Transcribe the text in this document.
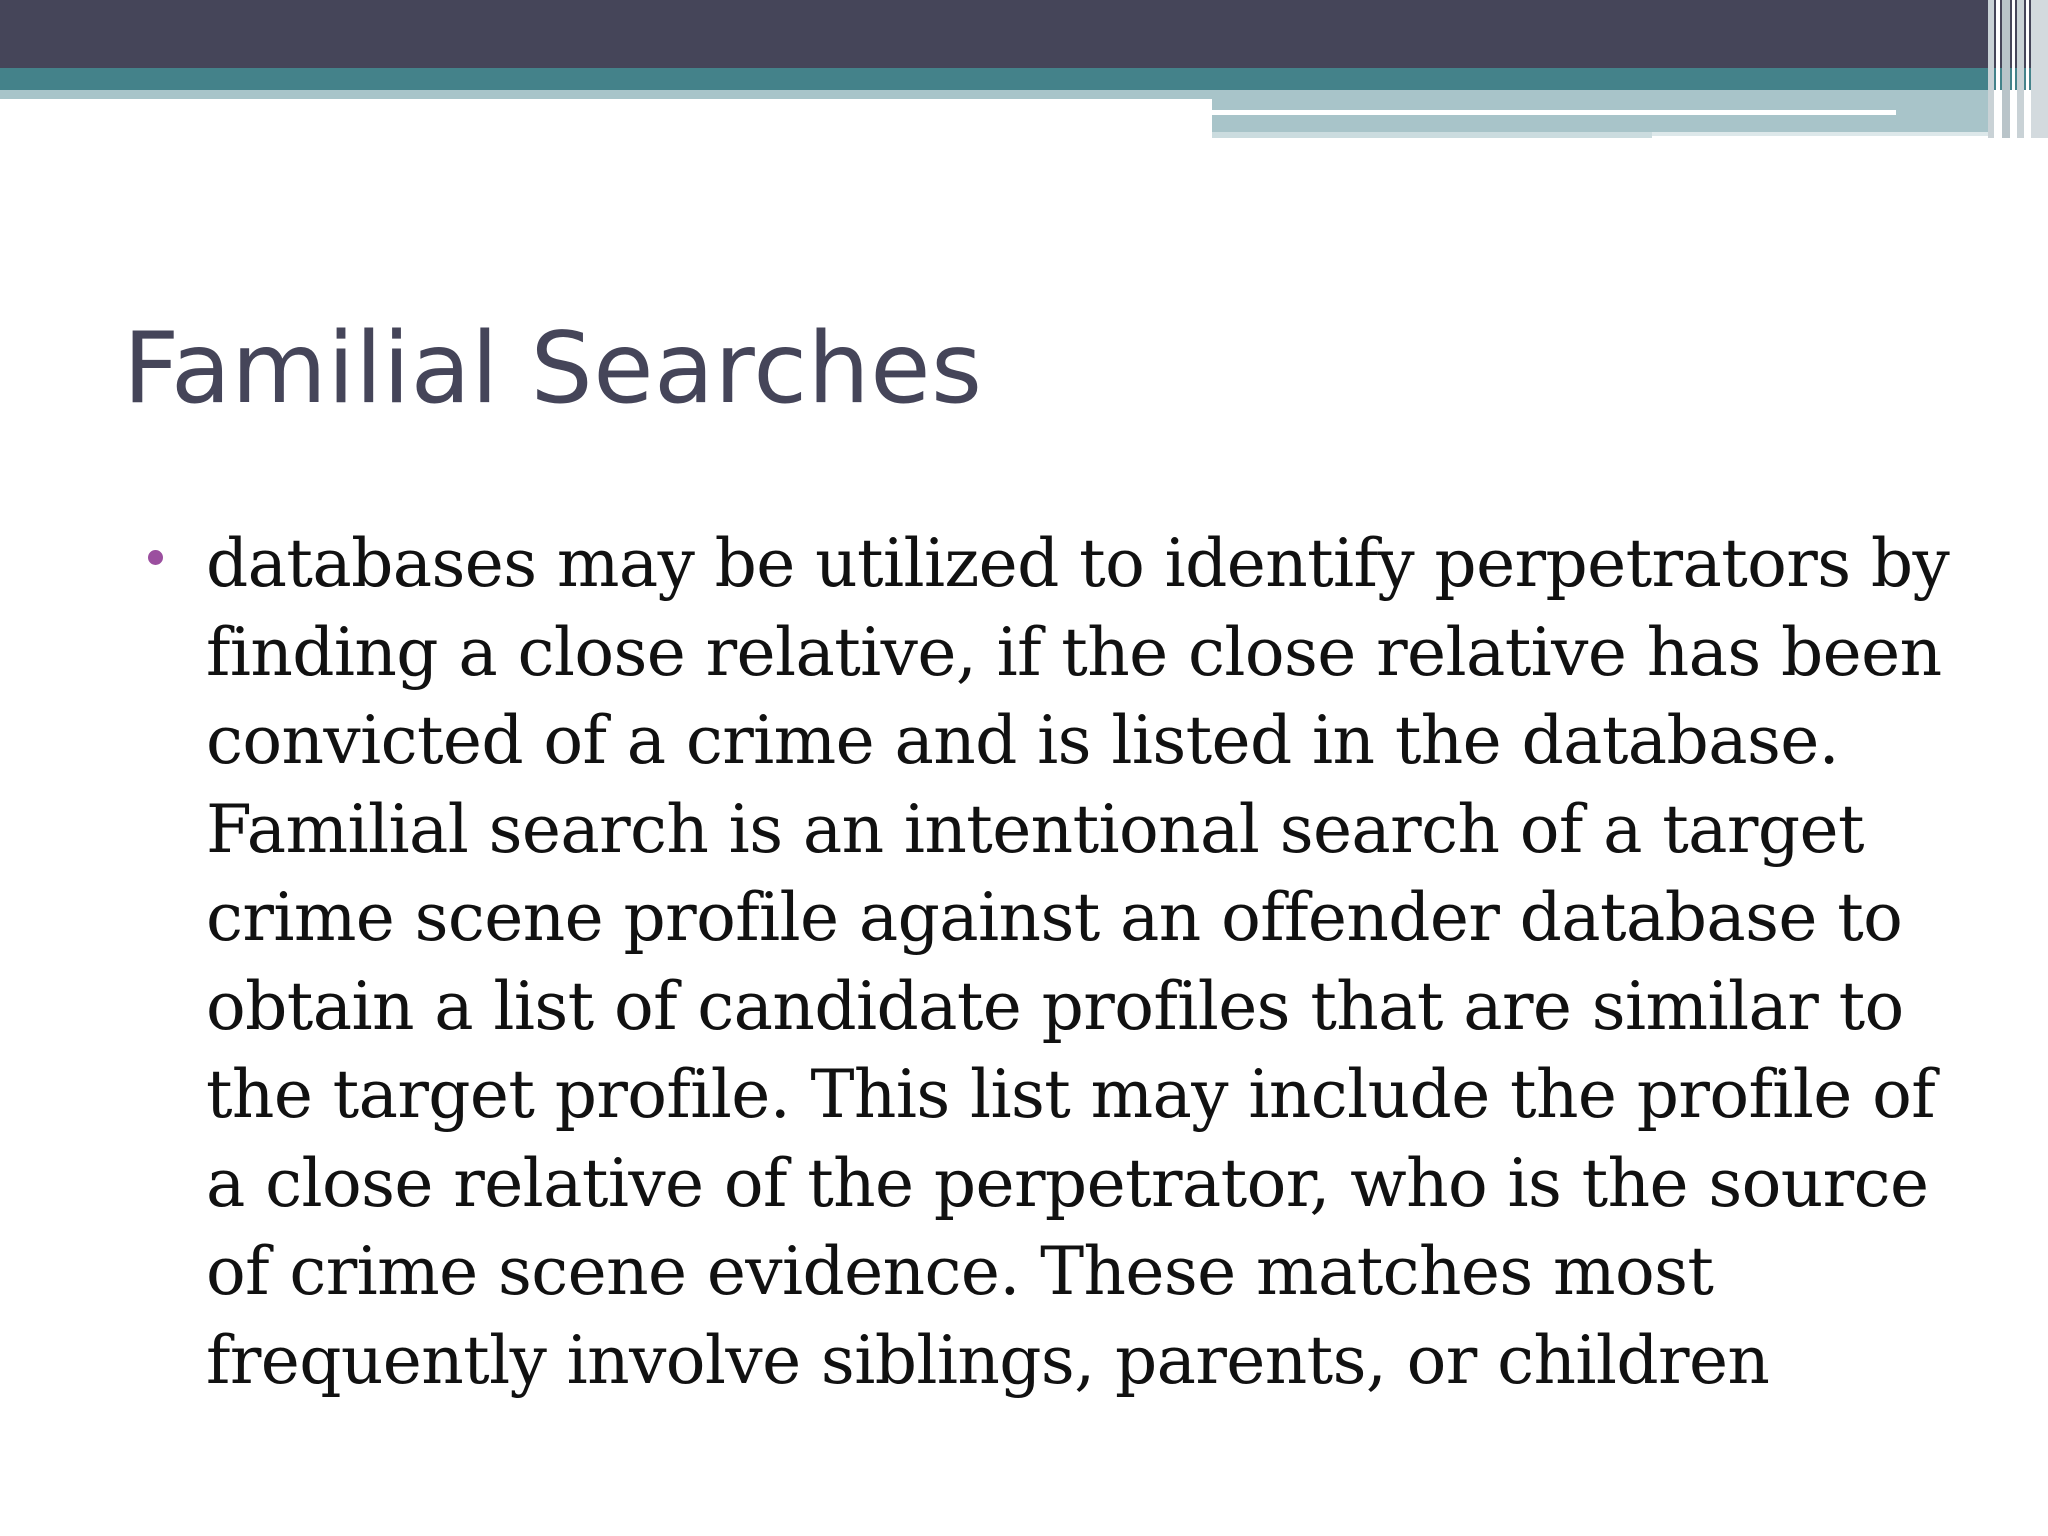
Familial Searches
databases may be utilized to identify perpetrators by
finding a close relative, if the close relative has been
convicted of a crime and is listed in the database.
Familial search is an intentional search of a target
crime scene profile against an offender database to
obtain a list of candidate profiles that are similar to
the target profile. This list may include the profile of
a close relative of the perpetrator, who is the source
of crime scene evidence. These matches most
frequently involve siblings, parents, or children
